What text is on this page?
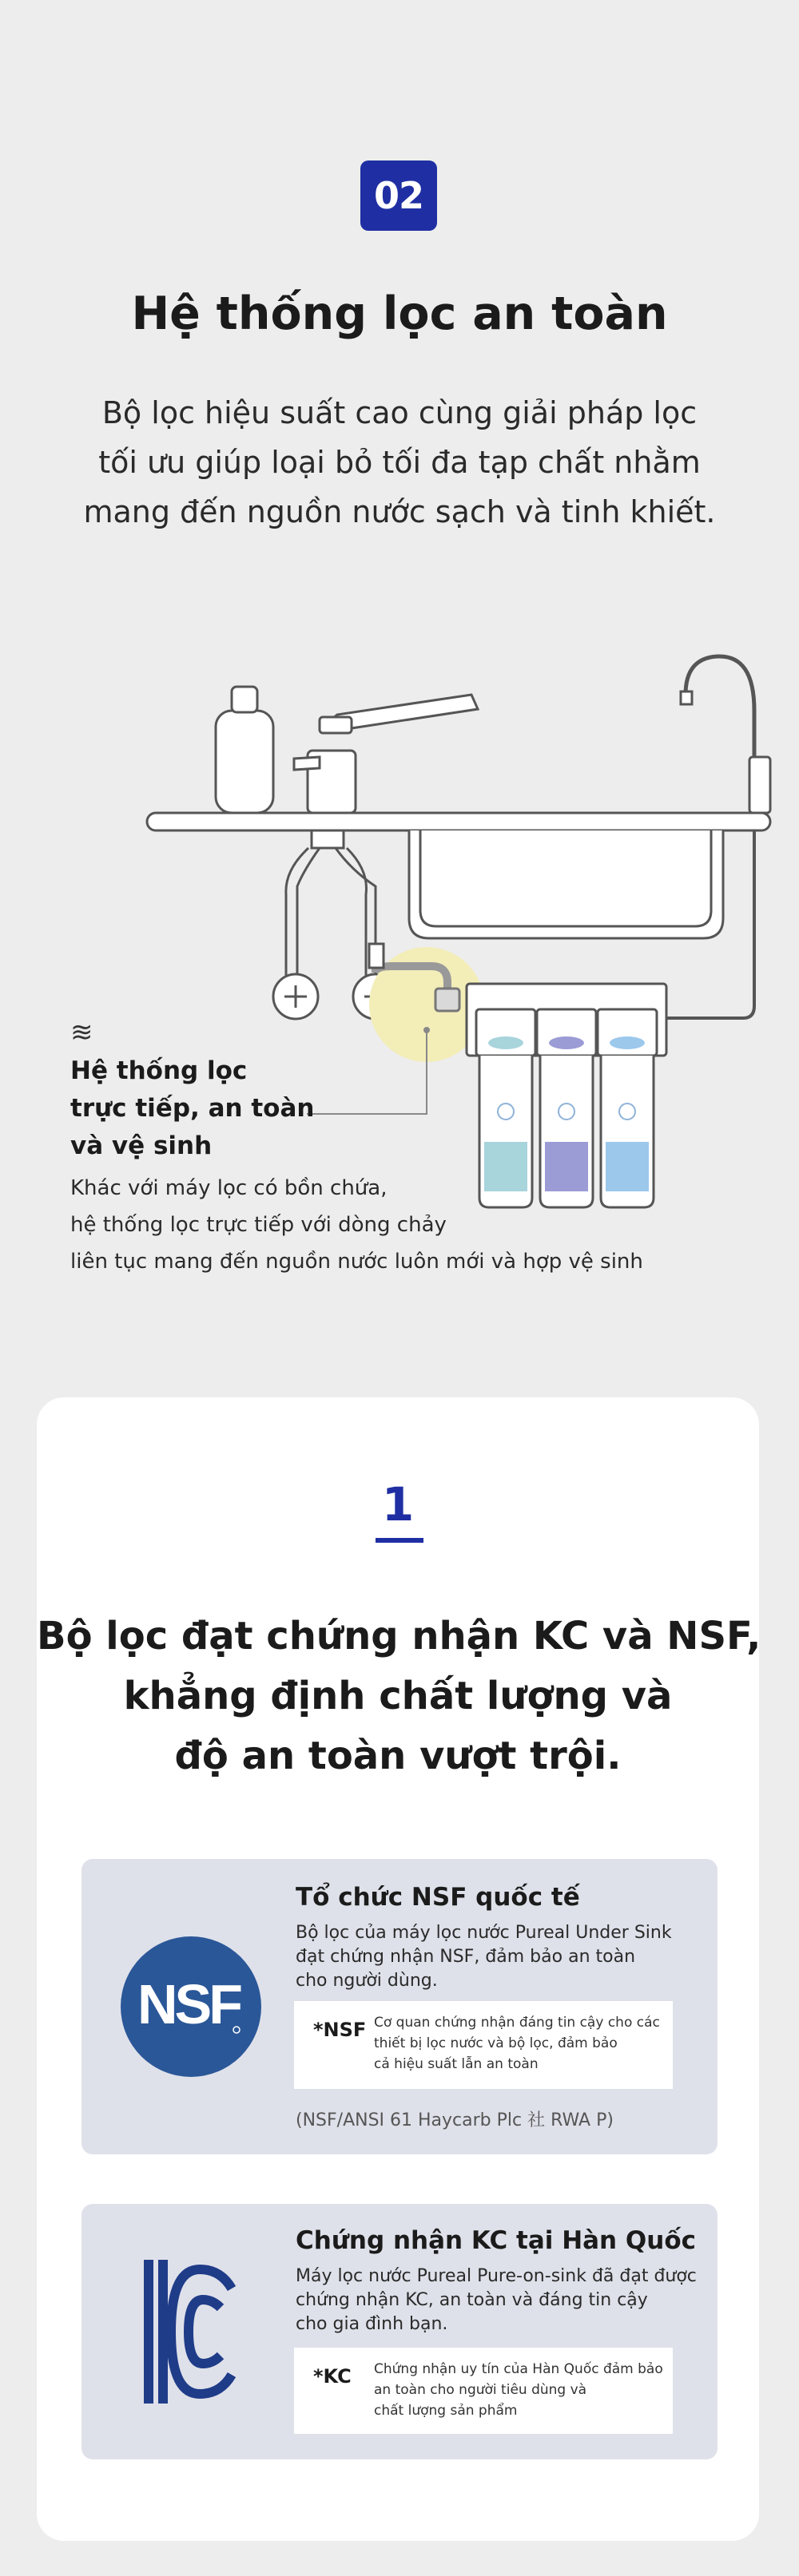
02
Hệ thống lọc an toàn
Bộ lọc hiệu suất cao cùng giải pháp lọc
tối ưu giúp loại bỏ tối đa tạp chất nhằm
mang đến nguồn nước sạch và tinh khiết.
≋
Hệ thống lọc
trực tiếp, an toàn
và vệ sinh
Khác với máy lọc có bồn chứa,
hệ thống lọc trực tiếp với dòng chảy
liên tục mang đến nguồn nước luôn mới và hợp vệ sinh
1
Bộ lọc đạt chứng nhận KC và NSF,
khẳng định chất lượng và
độ an toàn vượt trội.
NSF
Tổ chức NSF quốc tế
Bộ lọc của máy lọc nước Pureal Under Sink
đạt chứng nhận NSF, đảm bảo an toàn
cho người dùng.
*NSF Cơ quan chứng nhận đáng tin cậy cho các
thiết bị lọc nước và bộ lọc, đảm bảo
cả hiệu suất lẫn an toàn
(NSF/ANSI 61 Haycarb Plc 社 RWA P)
Chứng nhận KC tại Hàn Quốc
Máy lọc nước Pureal Pure-on-sink đã đạt được
chứng nhận KC, an toàn và đáng tin cậy
cho gia đình bạn.
*KC Chứng nhận uy tín của Hàn Quốc đảm bảo
an toàn cho người tiêu dùng và
chất lượng sản phẩm
